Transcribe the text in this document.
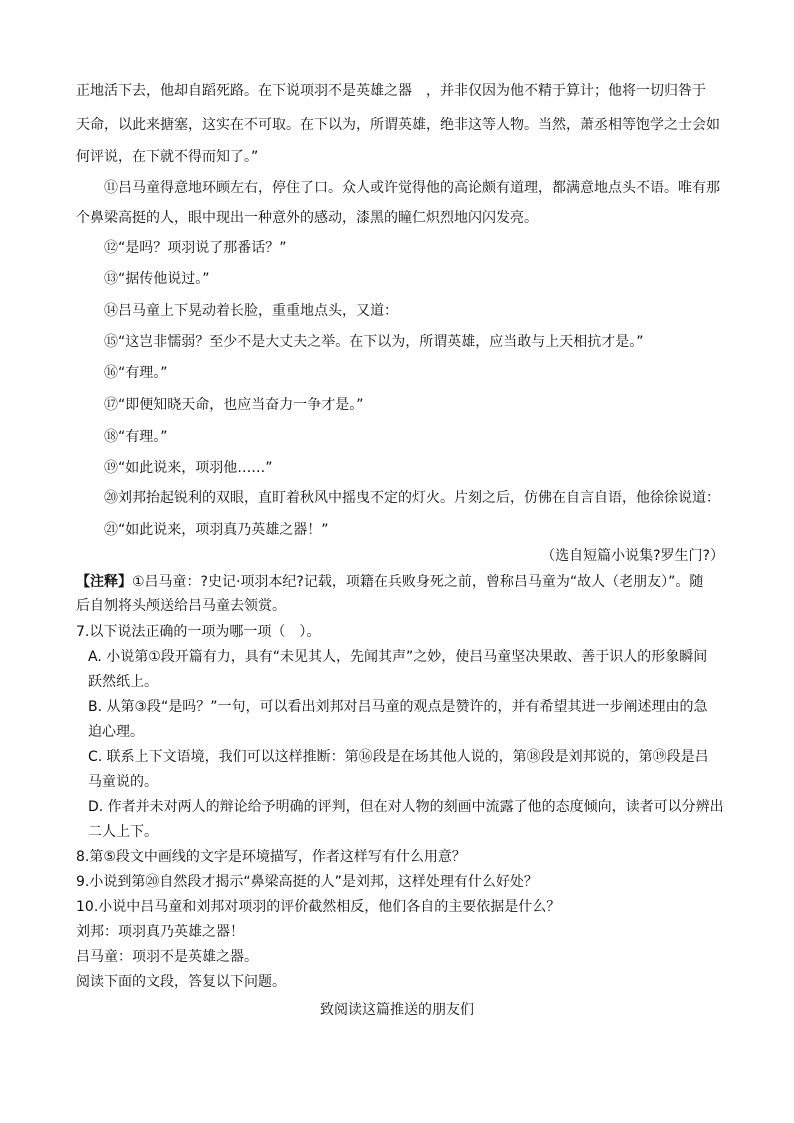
正地活下去，他却自蹈死路。在下说项羽不是英雄之器　，并非仅因为他不精于算计；他将一切归咎于
天命，以此来搪塞，这实在不可取。在下以为，所谓英雄，绝非这等人物。当然，萧丞相等饱学之士会如
何评说，在下就不得而知了。”
⑪吕马童得意地环顾左右，停住了口。众人或许觉得他的高论颇有道理，都满意地点头不语。唯有那
个鼻梁高挺的人，眼中现出一种意外的感动，漆黑的瞳仁炽烈地闪闪发亮。
⑫“是吗？项羽说了那番话？”
⑬“据传他说过。”
⑭吕马童上下晃动着长脸，重重地点头，又道：
⑮“这岂非懦弱？至少不是大丈夫之举。在下以为，所谓英雄，应当敢与上天相抗才是。”
⑯“有理。”
⑰“即便知晓天命，也应当奋力一争才是。”
⑱“有理。”
⑲“如此说来，项羽他……”
⑳刘邦抬起锐利的双眼，直盯着秋风中摇曳不定的灯火。片刻之后，仿佛在自言自语，他徐徐说道：
㉑“如此说来，项羽真乃英雄之器！”
（选自短篇小说集?罗生门?）
【注释】①吕马童：?史记·项羽本纪?记载，项籍在兵败身死之前，曾称吕马童为“故人（老朋友）”。随
后自刎将头颅送给吕马童去领赏。
7.以下说法正确的一项为哪一项（　）。
A. 小说第①段开篇有力，具有“未见其人，先闻其声”之妙，使吕马童坚决果敢、善于识人的形象瞬间
跃然纸上。
B. 从第③段“是吗？”一句，可以看出刘邦对吕马童的观点是赞许的，并有希望其进一步阐述理由的急
迫心理。
C. 联系上下文语境，我们可以这样推断：第⑯段是在场其他人说的，第⑱段是刘邦说的，第⑲段是吕
马童说的。
D. 作者并未对两人的辩论给予明确的评判，但在对人物的刻画中流露了他的态度倾向，读者可以分辨出
二人上下。
8.第⑤段文中画线的文字是环境描写，作者这样写有什么用意？
9.小说到第⑳自然段才揭示“鼻梁高挺的人”是刘邦，这样处理有什么好处？
10.小说中吕马童和刘邦对项羽的评价截然相反，他们各自的主要依据是什么？
刘邦：项羽真乃英雄之器！
吕马童：项羽不是英雄之器。
阅读下面的文段，答复以下问题。
致阅读这篇推送的朋友们
